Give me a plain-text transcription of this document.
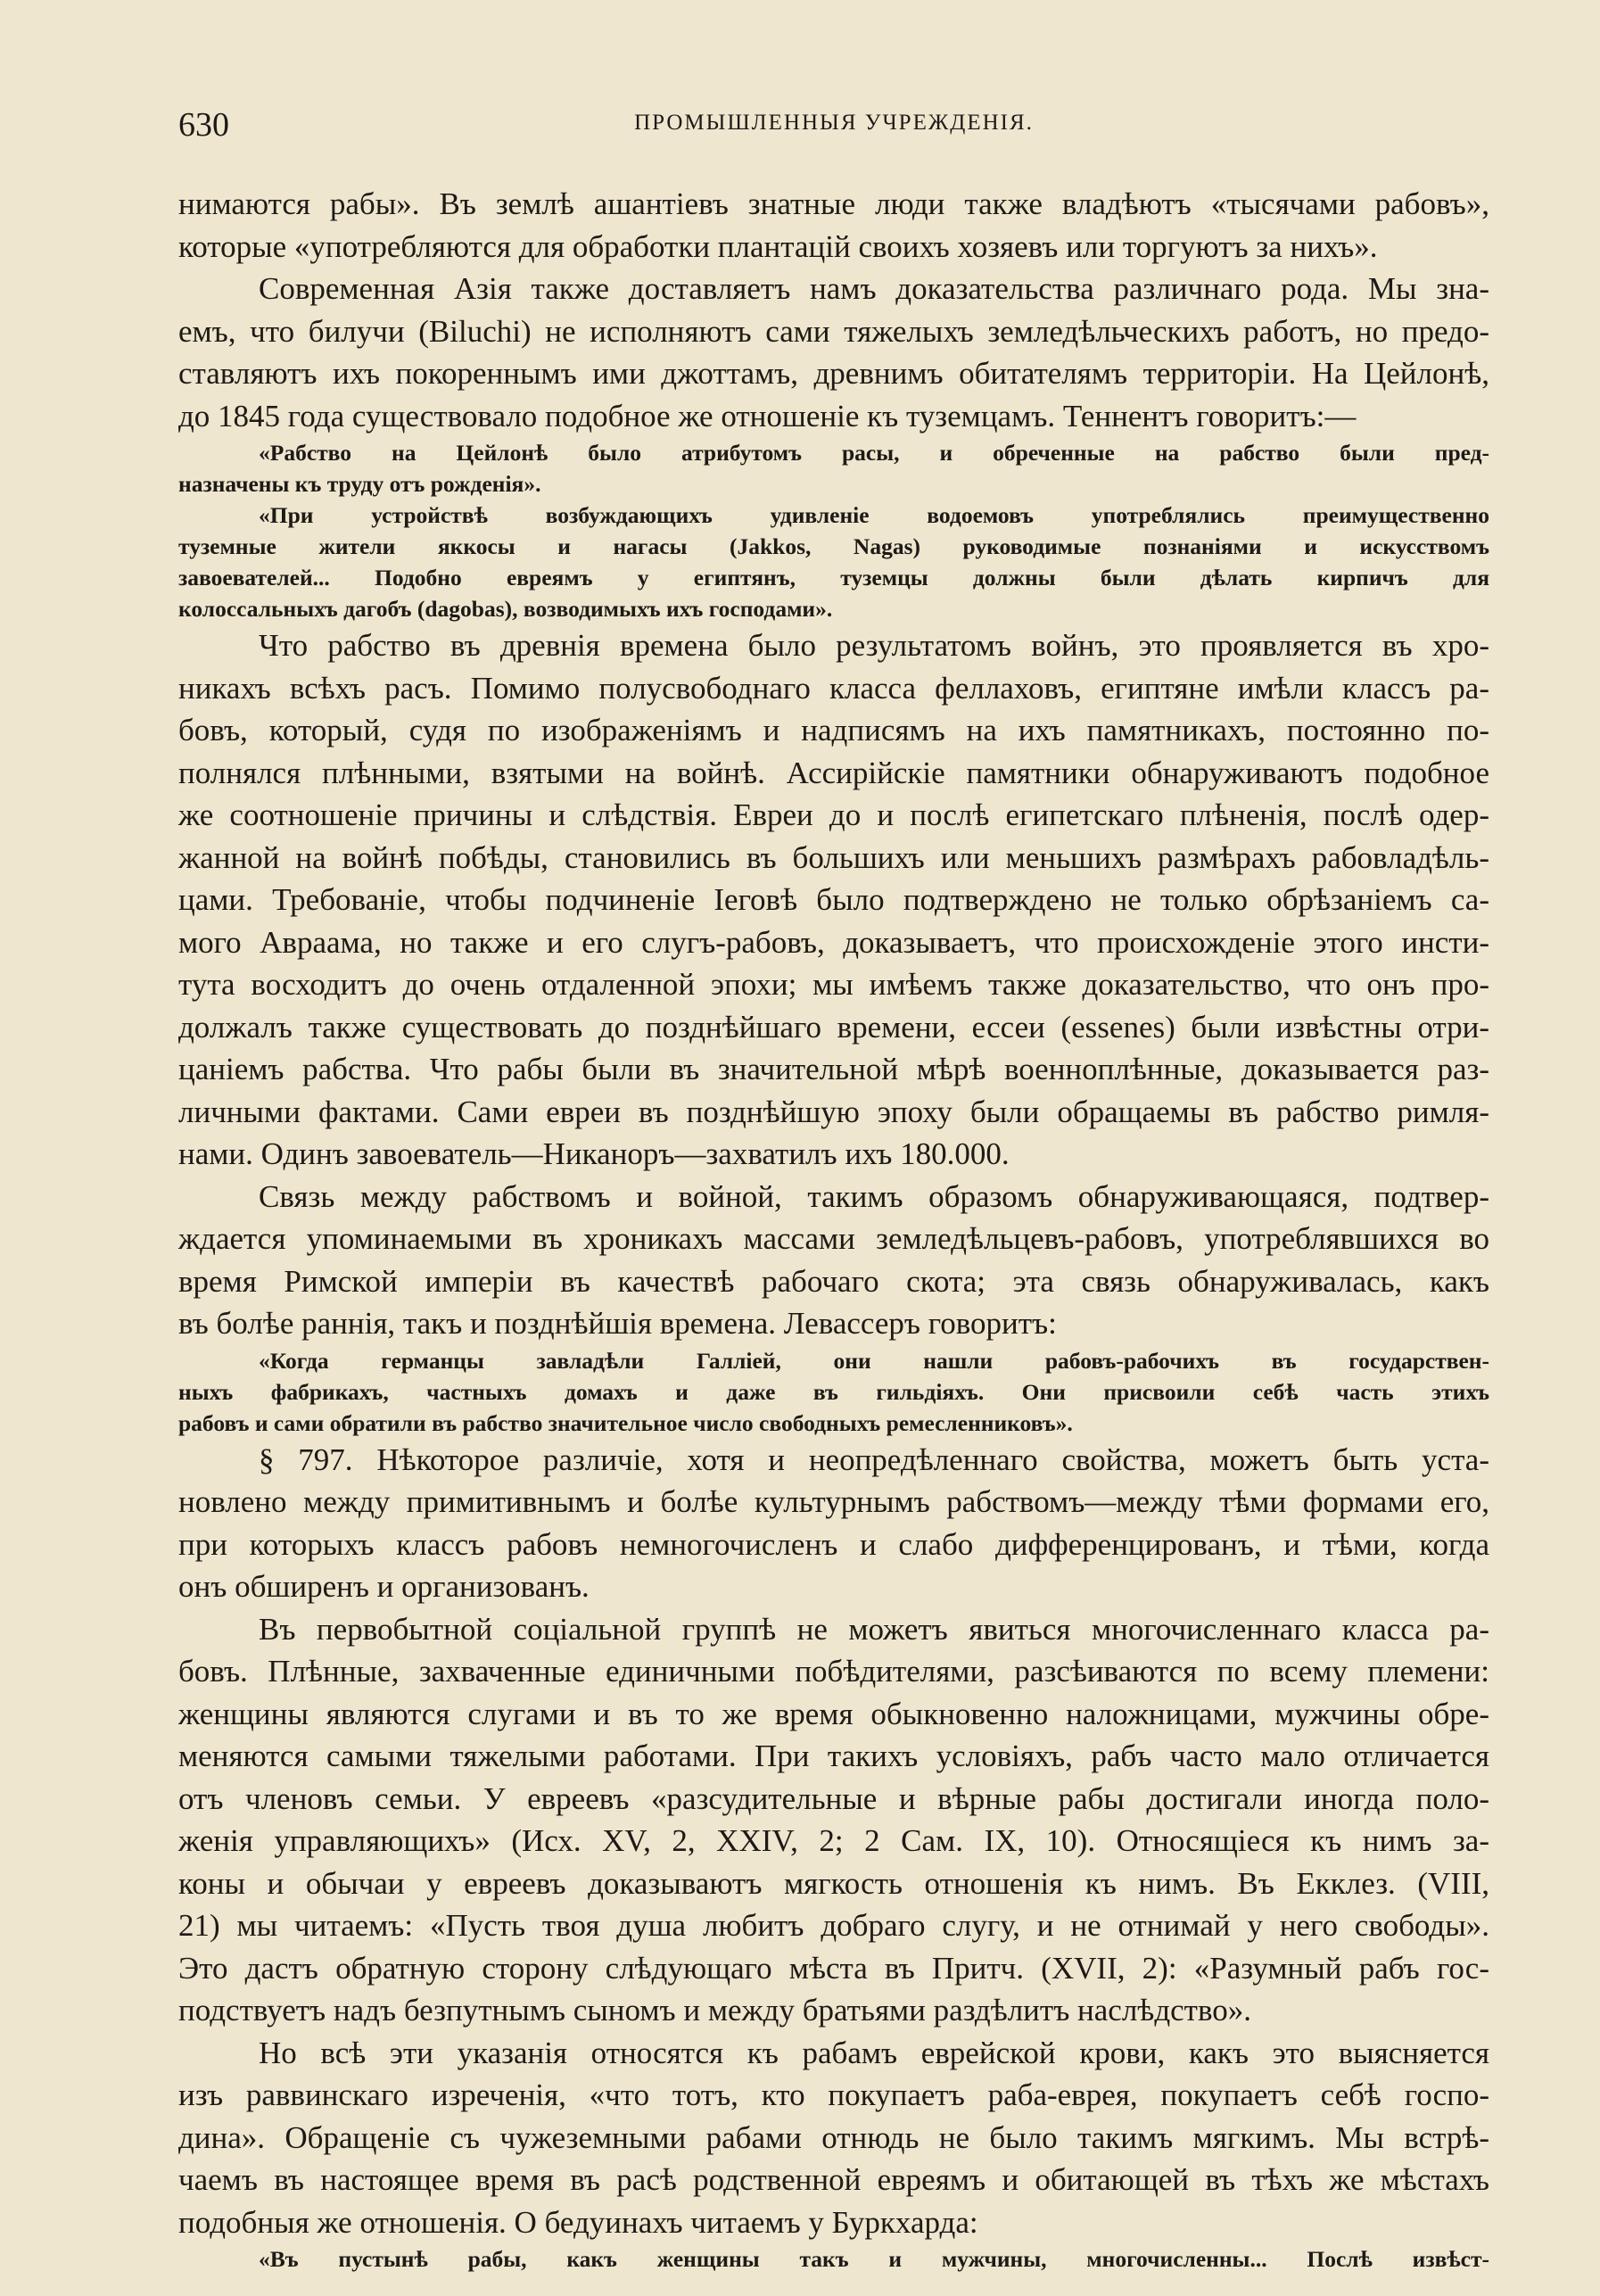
630	ПРОМЫШЛЕННЫЯ УЧРЕЖДЕНІЯ.

нимаются рабы». Въ землѣ ашантіевъ знатные люди также владѣютъ «тысячами рабовъ»,

которые «употребляются для обработки плантацій своихъ хозяевъ или торгуютъ за нихъ».

Современная Азія также доставляетъ намъ доказательства различнаго рода. Мы зна-

емъ, что билучи (Biluchi) не исполняютъ сами тяжелыхъ земледѣльческихъ работъ, но предо-

ставляютъ ихъ покореннымъ ими джоттамъ, древнимъ обитателямъ территоріи. На Цейлонѣ,

до 1845 года существовало подобное же отношеніе къ туземцамъ. Теннентъ говоритъ:—

«Рабство на Цейлонѣ было атрибутомъ расы, и обреченные на рабство были пред-

назначены къ труду отъ рожденія».

«При устройствѣ возбуждающихъ удивленіе водоемовъ употреблялись преимущественно

туземные жители яккосы и нагасы (Jakkos, Nagas) руководимые познаніями и искусствомъ

завоевателей... Подобно евреямъ у египтянъ, туземцы должны были дѣлать кирпичъ для

колоссальныхъ дагобъ (dagobas), возводимыхъ ихъ господами».

Что рабство въ древнія времена было результатомъ войнъ, это проявляется въ хро-

никахъ всѣхъ расъ. Помимо полусвободнаго класса феллаховъ, египтяне имѣли классъ ра-

бовъ, который, судя по изображеніямъ и надписямъ на ихъ памятникахъ, постоянно по-

полнялся плѣнными, взятыми на войнѣ. Ассирійскіе памятники обнаруживаютъ подобное

же соотношеніе причины и слѣдствія. Евреи до и послѣ египетскаго плѣненія, послѣ одер-

жанной на войнѣ побѣды, становились въ большихъ или меньшихъ размѣрахъ рабовладѣль-

цами. Требованіе, чтобы подчиненіе Іеговѣ было подтверждено не только обрѣзаніемъ са-

мого Авраама, но также и его слугъ-рабовъ, доказываетъ, что происхожденіе этого инсти-

тута восходитъ до очень отдаленной эпохи; мы имѣемъ также доказательство, что онъ про-

должалъ также существовать до позднѣйшаго времени, ессеи (essenes) были извѣстны отри-

цаніемъ рабства. Что рабы были въ значительной мѣрѣ военноплѣнные, доказывается раз-

личными фактами. Сами евреи въ позднѣйшую эпоху были обращаемы въ рабство римля-

нами. Одинъ завоеватель—Никаноръ—захватилъ ихъ 180.000.

Связь между рабствомъ и войной, такимъ образомъ обнаруживающаяся, подтвер-

ждается упоминаемыми въ хроникахъ массами земледѣльцевъ-рабовъ, употреблявшихся во

время Римской имперіи въ качествѣ рабочаго скота; эта связь обнаруживалась, какъ

въ болѣе раннія, такъ и позднѣйшія времена. Левассеръ говоритъ:

«Когда германцы завладѣли Галліей, они нашли рабовъ-рабочихъ въ государствен-

ныхъ фабрикахъ, частныхъ домахъ и даже въ гильдіяхъ. Они присвоили себѣ часть этихъ

рабовъ и сами обратили въ рабство значительное число свободныхъ ремесленниковъ».

§ 797. Нѣкоторое различіе, хотя и неопредѣленнаго свойства, можетъ быть уста-

новлено между примитивнымъ и болѣе культурнымъ рабствомъ—между тѣми формами его,

при которыхъ классъ рабовъ немногочисленъ и слабо дифференцированъ, и тѣми, когда

онъ обширенъ и организованъ.

Въ первобытной соціальной группѣ не можетъ явиться многочисленнаго класса ра-

бовъ. Плѣнные, захваченные единичными побѣдителями, разсѣиваются по всему племени:

женщины являются слугами и въ то же время обыкновенно наложницами, мужчины обре-

меняются самыми тяжелыми работами. При такихъ условіяхъ, рабъ часто мало отличается

отъ членовъ семьи. У евреевъ «разсудительные и вѣрные рабы достигали иногда поло-

женія управляющихъ» (Исх. XV, 2, XXIV, 2; 2 Сам. IX, 10). Относящіеся къ нимъ за-

коны и обычаи у евреевъ доказываютъ мягкость отношенія къ нимъ. Въ Екклез. (VIII,

21) мы читаемъ: «Пусть твоя душа любитъ добраго слугу, и не отнимай у него свободы».

Это дастъ обратную сторону слѣдующаго мѣста въ Притч. (XVII, 2): «Разумный рабъ гос-

подствуетъ надъ безпутнымъ сыномъ и между братьями раздѣлитъ наслѣдство».

Но всѣ эти указанія относятся къ рабамъ еврейской крови, какъ это выясняется

изъ раввинскаго изреченія, «что тотъ, кто покупаетъ раба-еврея, покупаетъ себѣ госпо-

дина». Обращеніе съ чужеземными рабами отнюдь не было такимъ мягкимъ. Мы встрѣ-

чаемъ въ настоящее время въ расѣ родственной евреямъ и обитающей въ тѣхъ же мѣстахъ

подобныя же отношенія. О бедуинахъ читаемъ у Буркхарда:

«Въ пустынѣ рабы, какъ женщины такъ и мужчины, многочисленны... Послѣ извѣст-
